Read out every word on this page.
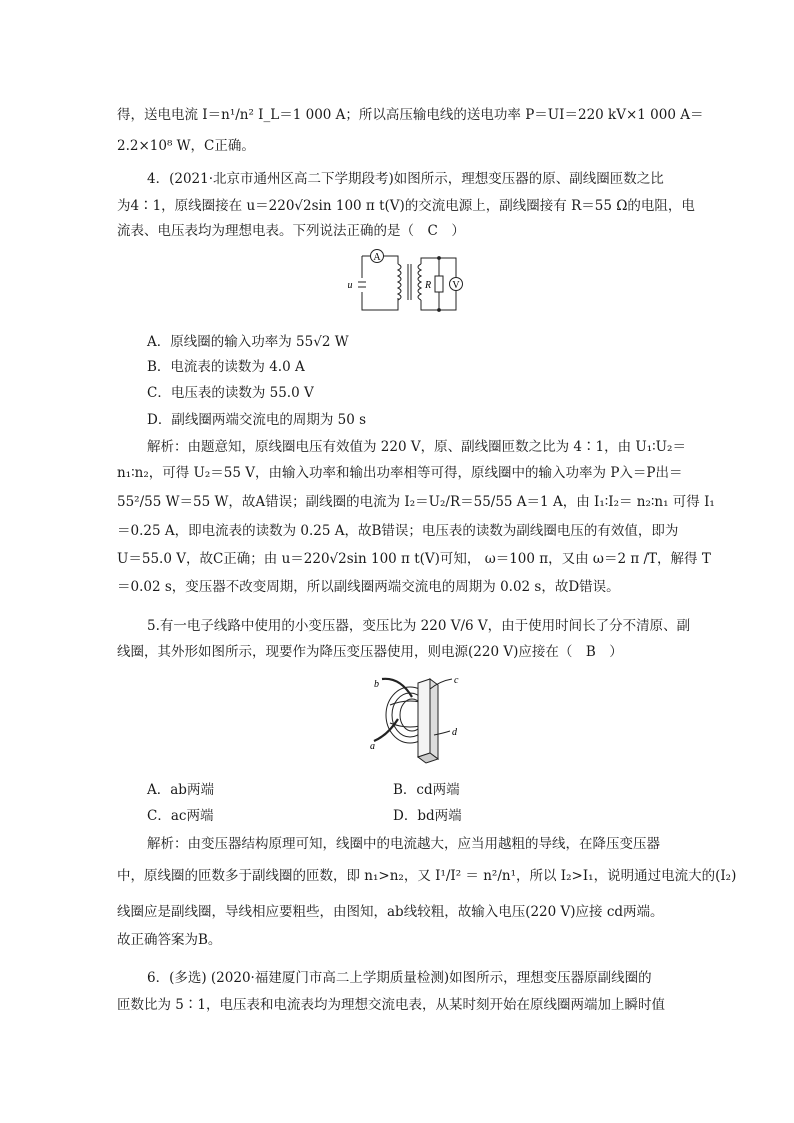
得，送电电流 I＝n¹/n² I_L＝1 000 A；所以高压输电线的送电功率 P＝UI＝220 kV×1 000 A＝
2.2×10⁸ W，C正确。
4．(2021·北京市通州区高二下学期段考)如图所示，理想变压器的原、副线圈匝数之比
为4∶1，原线圈接在 u＝220√2sin 100 π t(V)的交流电源上，副线圈接有 R＝55 Ω的电阻，电
流表、电压表均为理想电表。下列说法正确的是（　C　）
A
V
R
u
A．原线圈的输入功率为 55√2 W
B．电流表的读数为 4.0 A
C．电压表的读数为 55.0 V
D．副线圈两端交流电的周期为 50 s
解析：由题意知，原线圈电压有效值为 220 V，原、副线圈匝数之比为 4∶1，由 U₁∶U₂＝
n₁∶n₂，可得 U₂＝55 V，由输入功率和输出功率相等可得，原线圈中的输入功率为 P入＝P出＝
55²/55 W＝55 W，故A错误；副线圈的电流为 I₂＝U₂/R＝55/55 A＝1 A，由 I₁∶I₂＝ n₂∶n₁ 可得 I₁
＝0.25 A，即电流表的读数为 0.25 A，故B错误；电压表的读数为副线圈电压的有效值，即为
U＝55.0 V，故C正确；由 u＝220√2sin 100 π t(V)可知， ω＝100 π，又由 ω＝2 π /T，解得 T
＝0.02 s，变压器不改变周期，所以副线圈两端交流电的周期为 0.02 s，故D错误。
5.有一电子线路中使用的小变压器，变压比为 220 V/6 V，由于使用时间长了分不清原、副
线圈，其外形如图所示，现要作为降压变压器使用，则电源(220 V)应接在（　B　）
a
b	c
d
A．ab两端	B．cd两端
C．ac两端	D．bd两端
解析：由变压器结构原理可知，线圈中的电流越大，应当用越粗的导线，在降压变压器
中，原线圈的匝数多于副线圈的匝数，即 n₁>n₂，又 I¹/I² ＝ n²/n¹，所以 I₂>I₁，说明通过电流大的(I₂)
线圈应是副线圈，导线相应要粗些，由图知，ab线较粗，故输入电压(220 V)应接 cd两端。
故正确答案为B。
6．(多选) (2020·福建厦门市高二上学期质量检测)如图所示，理想变压器原副线圈的
匝数比为 5∶1，电压表和电流表均为理想交流电表，从某时刻开始在原线圈两端加上瞬时值
